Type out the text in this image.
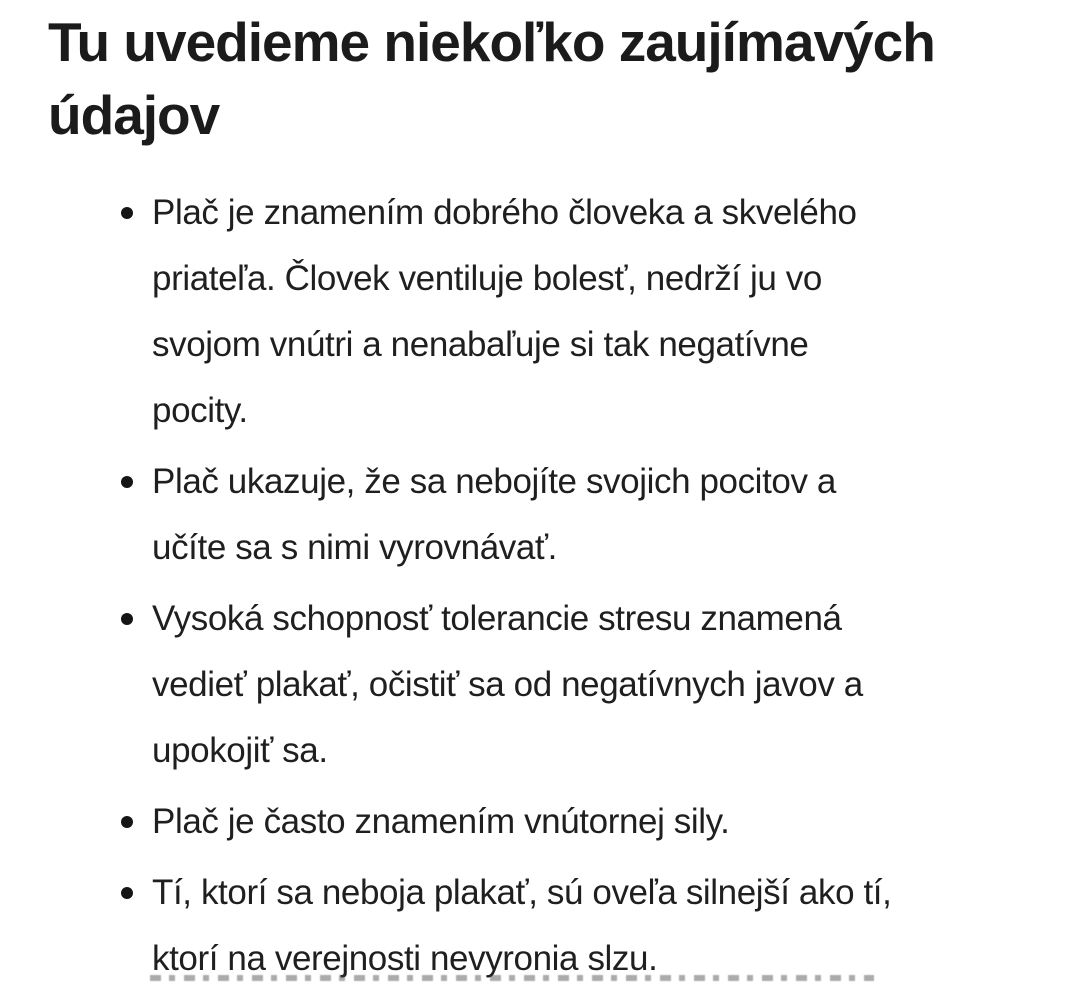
Tu uvedieme niekoľko zaujímavých
údajov
Plač je znamením dobrého človeka a skvelého
priateľa. Človek ventiluje bolesť, nedrží ju vo
svojom vnútri a nenabaľuje si tak negatívne
pocity.
Plač ukazuje, že sa nebojíte svojich pocitov a
učíte sa s nimi vyrovnávať.
Vysoká schopnosť tolerancie stresu znamená
vedieť plakať, očistiť sa od negatívnych javov a
upokojiť sa.
Plač je často znamením vnútornej sily.
Tí, ktorí sa neboja plakať, sú oveľa silnejší ako tí,
ktorí na verejnosti nevyronia slzu.
